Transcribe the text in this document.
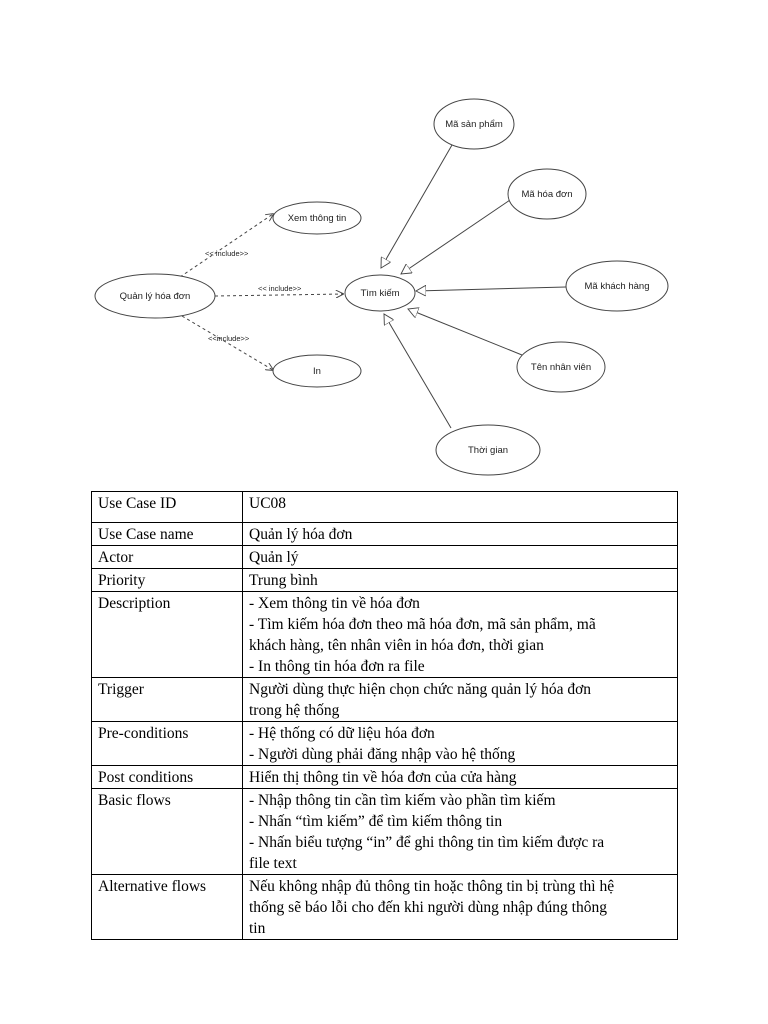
<< include>>
<< include>>
<<include>>
Quản lý hóa đơn
Xem thông tin
Tìm kiếm
In
Mã sản phẩm
Mã hóa đơn
Mã khách hàng
Tên nhân viên
Thời gian
Use Case ID	UC08

Use Case name	Quản lý hóa đơn

Actor	Quản lý

Priority	Trung bình

Description	- Xem thông tin về hóa đơn
- Tìm kiếm hóa đơn theo mã hóa đơn, mã sản phẩm, mã
khách hàng, tên nhân viên in hóa đơn, thời gian
- In thông tin hóa đơn ra file

Trigger	Người dùng thực hiện chọn chức năng quản lý hóa đơn
trong hệ thống

Pre-conditions	- Hệ thống có dữ liệu hóa đơn
- Người dùng phải đăng nhập vào hệ thống

Post conditions	Hiển thị thông tin về hóa đơn của cửa hàng

Basic flows	- Nhập thông tin cần tìm kiếm vào phần tìm kiếm
- Nhấn “tìm kiếm” để tìm kiếm thông tin
- Nhấn biểu tượng “in” để ghi thông tin tìm kiếm được ra
file text

Alternative flows	Nếu không nhập đủ thông tin hoặc thông tin bị trùng thì hệ
thống sẽ báo lỗi cho đến khi người dùng nhập đúng thông
tin
